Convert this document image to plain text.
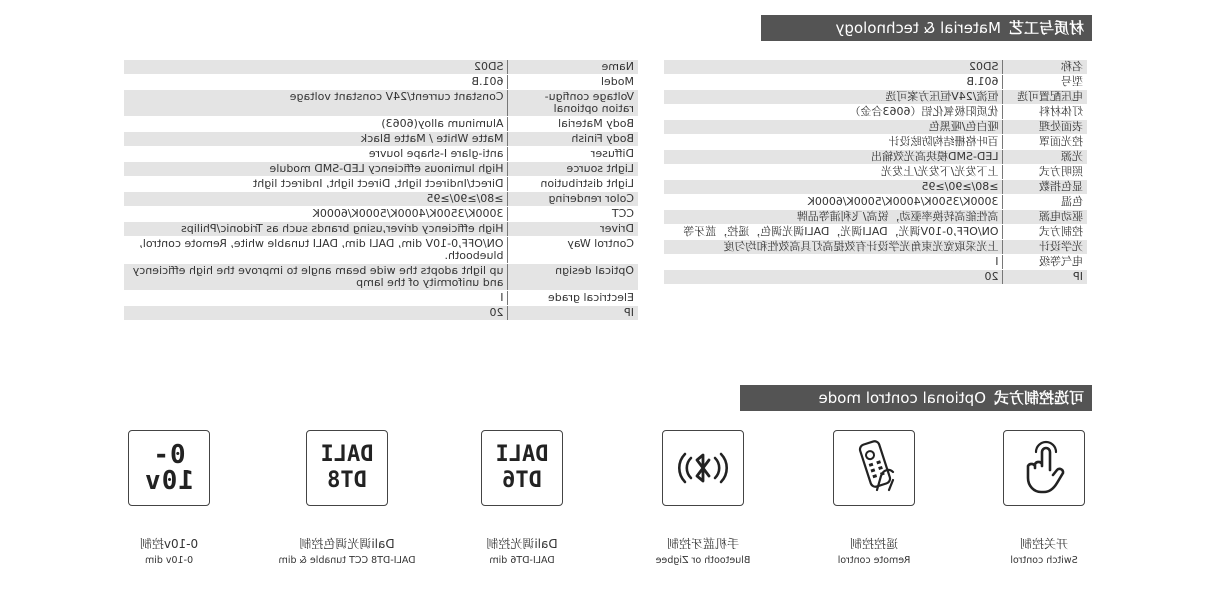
材质与工艺Material & technology
名称	SD02
型号	601.B
电压配置可选	恒流/24V恒压方案可选
灯体材料	优质阳极氧化铝（6063合金）
表面处理	哑白色/哑黑色
控光面罩	百叶格栅结构防眩设计
光源	LED-SMD模块高光效输出
照明方式	上下发光/下发光/上发光
显色指数	≥80/≥90/≥95
色温	3000K/3500K/4000K/5000K/6000K
驱动电源	高性能高转换率驱动，锐高/飞利浦等品牌
控制方式	ON/OFF,0-10V调光，DALI调光，DALI调光调色，遥控，蓝牙等
光学设计	上光采取宽光束角光学设计有效提高灯具高效性和均匀度
电气等级	I
IP	20
Name	SD02
Model	601.B
Voltage configu-ration optional	Constant current/24V constant voltage
Body Material	Aluminum alloy(6063)
Body Finish	Matte White / Matte Black
Diffuser	anti-glare I-shape louvre
Light source	High luminous efficiency LED-SMD module
Light distribution	Direct/Indirect light, Direct light, Indirect light
Color rendering	≥80/≥90/≥95
CCT	3000K/3500K/4000K/5000K/6000K
Driver	High efficiency driver,using brands such as Tridonic/Philips
Control Way	ON/OFF,0-10V dim, DALI dim, DALI tunable white, Remote control, bluebooth.
Optical design	up light adopts the wide beam angle to improve the high efficiency and uniformity of the lamp
Electrical grade	I
IP	20
可选控制方式Optional control mode
DALI
DT6
DALI
DT8
0-10v
开关控制
Switch control
遥控控制
Remote control
手机蓝牙控制
Bluetooth or Zigbee
Dali调光控制
DALI-DT6 dim
Dali调光调色控制
DALI-DT8 CCT tunable & dim
0-10v控制
0-10v dim
